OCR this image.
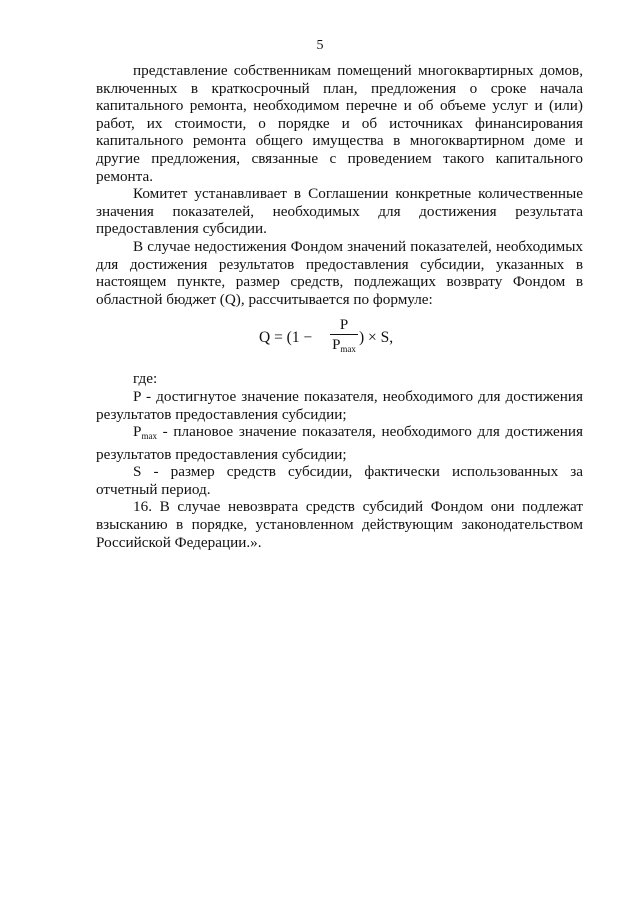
5

представление собственникам помещений многоквартирных домов, включенных в краткосрочный план, предложения о сроке начала капитального ремонта, необходимом перечне и об объеме услуг и (или) работ, их стоимости, о порядке и об источниках финансирования капитального ремонта общего имущества в многоквартирном доме и другие предложения, связанные с проведением такого капитального ремонта.

Комитет устанавливает в Соглашении конкретные количественные значения показателей, необходимых для достижения результата предоставления субсидии.

В случае недостижения Фондом значений показателей, необходимых для достижения результатов предоставления субсидии, указанных в настоящем пункте, размер средств, подлежащих возврату Фондом в областной бюджет (Q), рассчитывается по формуле:

Q = (1 −
P
$P_{max}$
) × S,

где:

P - достигнутое значение показателя, необходимого для достижения результатов предоставления субсидии;

$P_{max}$ - плановое значение показателя, необходимого для достижения результатов предоставления субсидии;

S - размер средств субсидии, фактически использованных за отчетный период.

16. В случае невозврата средств субсидий Фондом они подлежат взысканию в порядке, установленном действующим законодательством Российской Федерации.».
